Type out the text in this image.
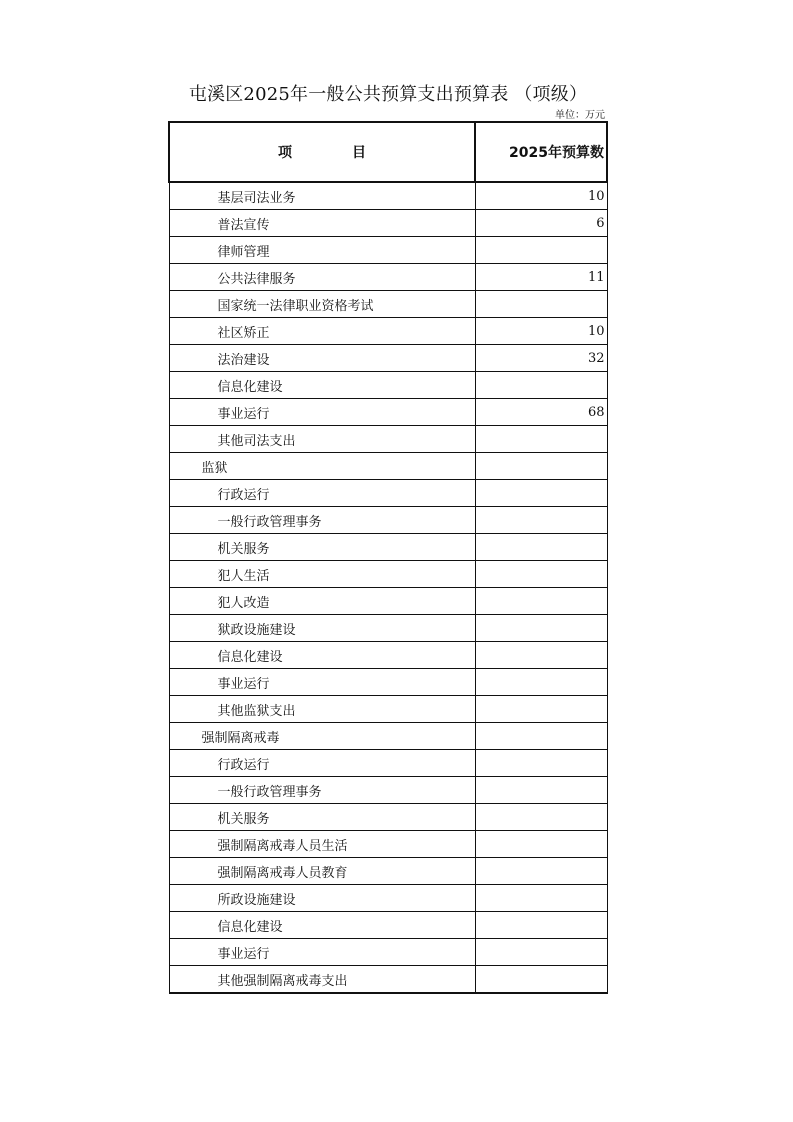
屯溪区2025年一般公共预算支出预算表 （项级）
单位：万元
项 目	2025年预算数
基层司法业务	10
普法宣传	6
律师管理	
公共法律服务	11
国家统一法律职业资格考试	
社区矫正	10
法治建设	32
信息化建设	
事业运行	68
其他司法支出	
监狱	
行政运行	
一般行政管理事务	
机关服务	
犯人生活	
犯人改造	
狱政设施建设	
信息化建设	
事业运行	
其他监狱支出	
强制隔离戒毒	
行政运行	
一般行政管理事务	
机关服务	
强制隔离戒毒人员生活	
强制隔离戒毒人员教育	
所政设施建设	
信息化建设	
事业运行	
其他强制隔离戒毒支出	
